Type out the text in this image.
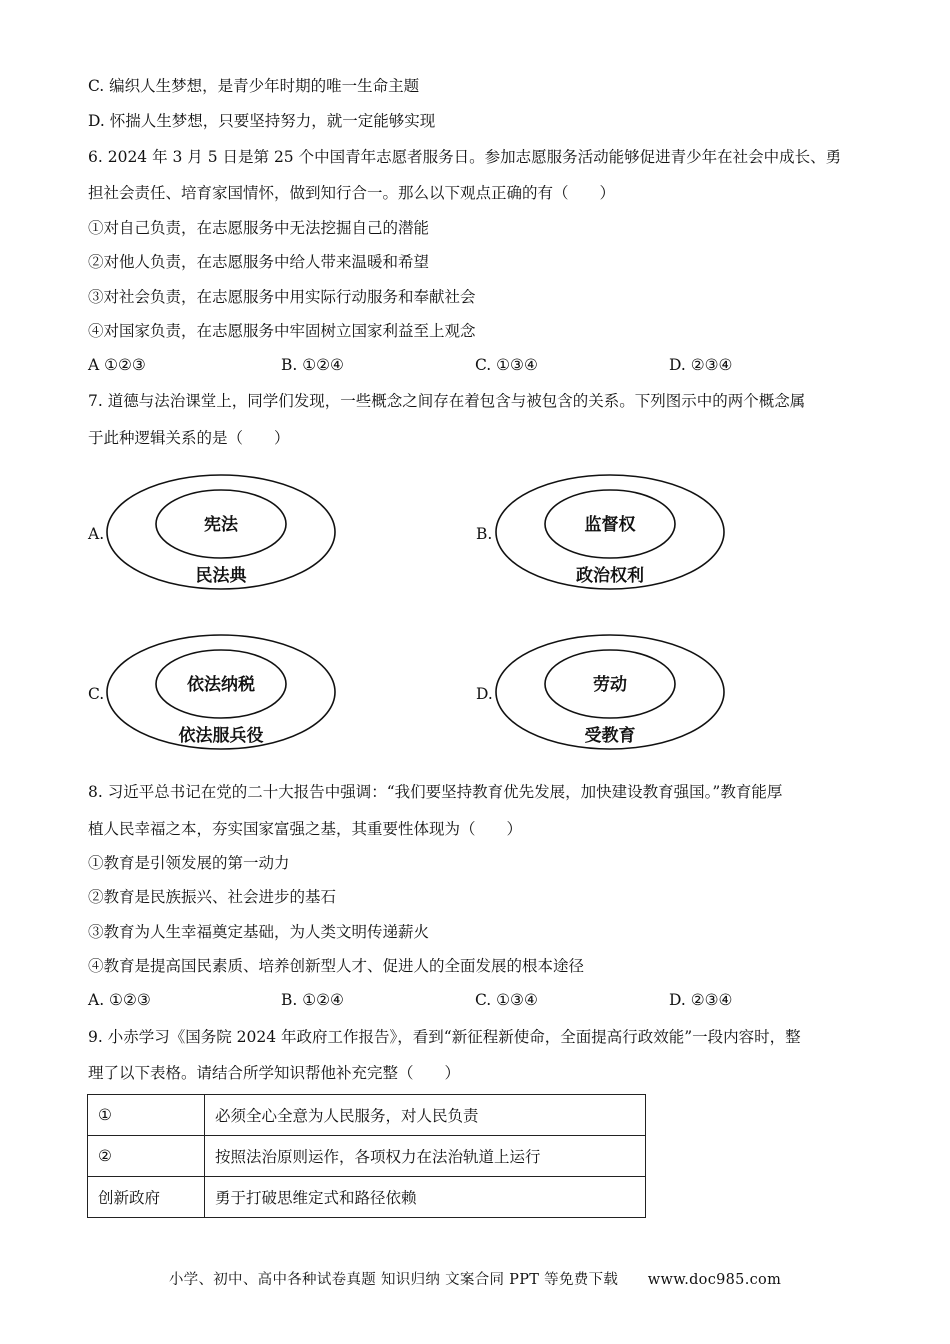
C. 编织人生梦想，是青少年时期的唯一生命主题
D. 怀揣人生梦想，只要坚持努力，就一定能够实现
6. 2024 年 3 月 5 日是第 25 个中国青年志愿者服务日。参加志愿服务活动能够促进青少年在社会中成长、勇
担社会责任、培育家国情怀，做到知行合一。那么以下观点正确的有（　　）
①对自己负责，在志愿服务中无法挖掘自己的潜能
②对他人负责，在志愿服务中给人带来温暖和希望
③对社会负责，在志愿服务中用实际行动服务和奉献社会
④对国家负责，在志愿服务中牢固树立国家利益至上观念
A ①②③	B. ①②④	C. ①③④	D. ②③④
7. 道德与法治课堂上，同学们发现，一些概念之间存在着包含与被包含的关系。下列图示中的两个概念属
于此种逻辑关系的是（　　）
A.	宪法
民法典
B.	监督权
政治权利
C.	依法纳税
依法服兵役
D.	劳动
受教育
8. 习近平总书记在党的二十大报告中强调：“我们要坚持教育优先发展，加快建设教育强国。”教育能厚
植人民幸福之本，夯实国家富强之基，其重要性体现为（　　）
①教育是引领发展的第一动力
②教育是民族振兴、社会进步的基石
③教育为人生幸福奠定基础，为人类文明传递薪火
④教育是提高国民素质、培养创新型人才、促进人的全面发展的根本途径
A. ①②③	B. ①②④	C. ①③④	D. ②③④
9. 小赤学习《国务院 2024 年政府工作报告》，看到“新征程新使命，全面提高行政效能”一段内容时，整
理了以下表格。请结合所学知识帮他补充完整（　　）
①	必须全心全意为人民服务，对人民负责
②	按照法治原则运作，各项权力在法治轨道上运行
创新政府	勇于打破思维定式和路径依赖
小学、初中、高中各种试卷真题 知识归纳 文案合同 PPT 等免费下载　　www.doc985.com
